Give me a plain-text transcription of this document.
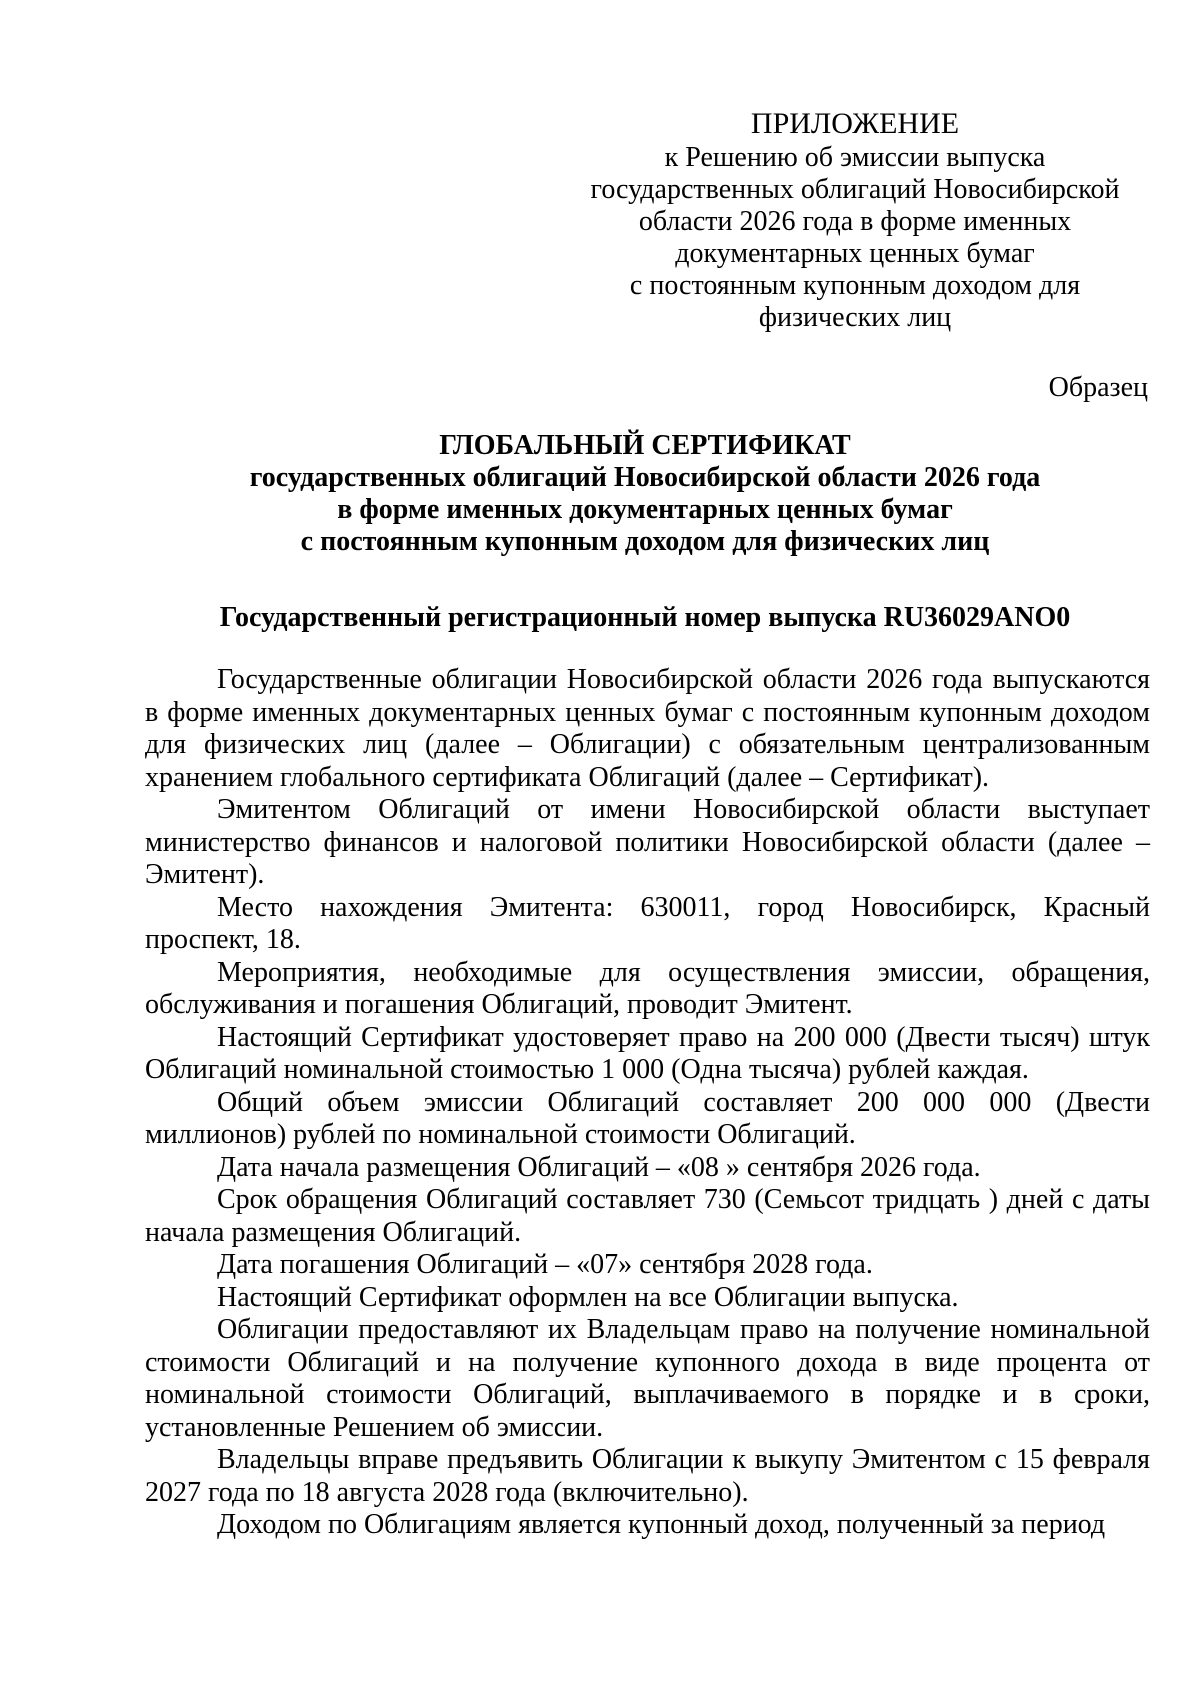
ПРИЛОЖЕНИЕ
к Решению об эмиссии выпуска
государственных облигаций Новосибирской
области 2026 года в форме именных
документарных ценных бумаг
с постоянным купонным доходом для
физических лиц
Образец
ГЛОБАЛЬНЫЙ СЕРТИФИКАТ
государственных облигаций Новосибирской области 2026 года
в форме именных документарных ценных бумаг
с постоянным купонным доходом для физических лиц
Государственный регистрационный номер выпуска RU36029ANO0

Государственные облигации Новосибирской области 2026 года выпускаются в форме именных документарных ценных бумаг с постоянным купонным доходом для физических лиц (далее – Облигации) с обязательным централизованным хранением глобального сертификата Облигаций (далее – Сертификат).

Эмитентом Облигаций от имени Новосибирской области выступает министерство финансов и налоговой политики Новосибирской области (далее – Эмитент).

Место нахождения Эмитента: 630011, город Новосибирск, Красный проспект, 18.

Мероприятия, необходимые для осуществления эмиссии, обращения, обслуживания и погашения Облигаций, проводит Эмитент.

Настоящий Сертификат удостоверяет право на 200 000 (Двести тысяч) штук Облигаций номинальной стоимостью 1 000 (Одна тысяча) рублей каждая.

Общий объем эмиссии Облигаций составляет 200 000 000 (Двести миллионов) рублей по номинальной стоимости Облигаций.

Дата начала размещения Облигаций – «08 » сентября 2026 года.

Срок обращения Облигаций составляет 730 (Семьсот тридцать ) дней с даты начала размещения Облигаций.

Дата погашения Облигаций – «07» сентября 2028 года.

Настоящий Сертификат оформлен на все Облигации выпуска.

Облигации предоставляют их Владельцам право на получение номинальной стоимости Облигаций и на получение купонного дохода в виде процента от номинальной стоимости Облигаций, выплачиваемого в порядке и в сроки, установленные Решением об эмиссии.

Владельцы вправе предъявить Облигации к выкупу Эмитентом с 15 февраля 2027 года по 18 августа 2028 года (включительно).

Доходом по Облигациям является купонный доход, полученный за период
